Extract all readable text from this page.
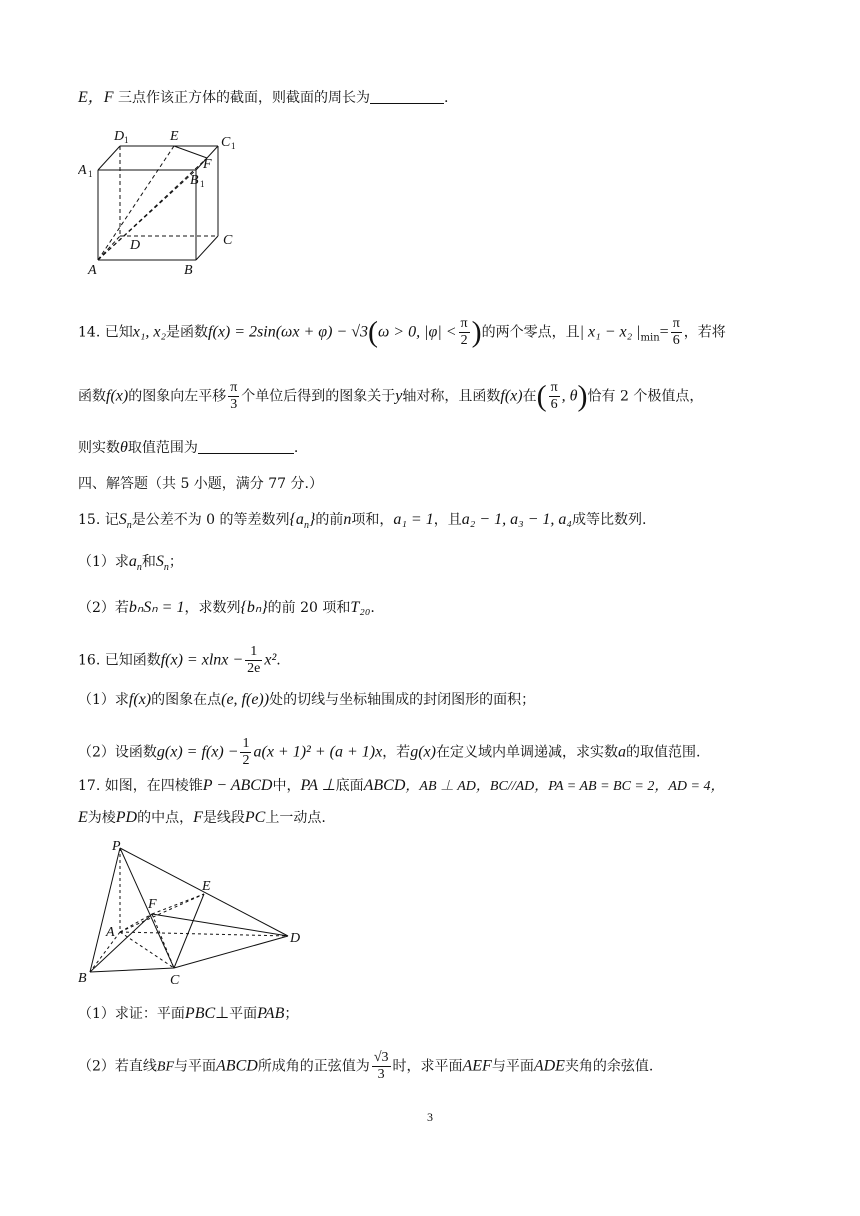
E，F 三点作该正方体的截面，则截面的周长为	.
D 1	E	C 1
A 1
F
B 1
D	C
A	B
14. 已知x₁, x₂是函数f(x) = 2sin(ωx + φ) − √3(ω > 0, $|\varphi| < \frac{\pi}{2}$ )的两个零点，且| x₁ − x₂ $|_{min}= \frac{\pi}{6}$ ，若将
函数f(x)的图象向左平移 $\frac{\pi}{3}$ 个单位后得到的图象关于y轴对称，且函数f(x)在( $\frac{\pi}{6}$ , θ)恰有 2 个极值点，
则实数θ取值范围为	.
四、解答题（共 5 小题，满分 77 分.）
15. 记$S_n$是公差不为 0 的等差数列$\{a_n\}$的前n项和，a₁ = 1，且a₂ − 1, a₃ − 1, a₄成等比数列.
（1）求$a_n$和$S_n$；
（2）若bₙSₙ = 1，求数列{bₙ}的前 20 项和T₂₀.
16. 已知函数$f(x) = xlnx - \frac{1}{2e} x^2$.
（1）求f(x)的图象在点(e, f(e))处的切线与坐标轴围成的封闭图形的面积；
（2）设函数$g(x) = f(x) - \frac{1}{2} a(x + 1)^2 + (a + 1)x$，若g(x)在定义域内单调递减，求实数a的取值范围.
17. 如图，在四棱锥P − ABCD中，PA ⊥底面ABCD，AB ⊥ AD，BC//AD，PA = AB = BC = 2，AD = 4，
E为棱PD的中点，F是线段PC上一动点.
P
E
F
A	D
B	C
（1）求证：平面PBC⊥平面PAB；
（2）若直线BF与平面ABCD所成角的正弦值为 $\frac{√3}{3}$ 时，求平面AEF与平面ADE夹角的余弦值.
3
